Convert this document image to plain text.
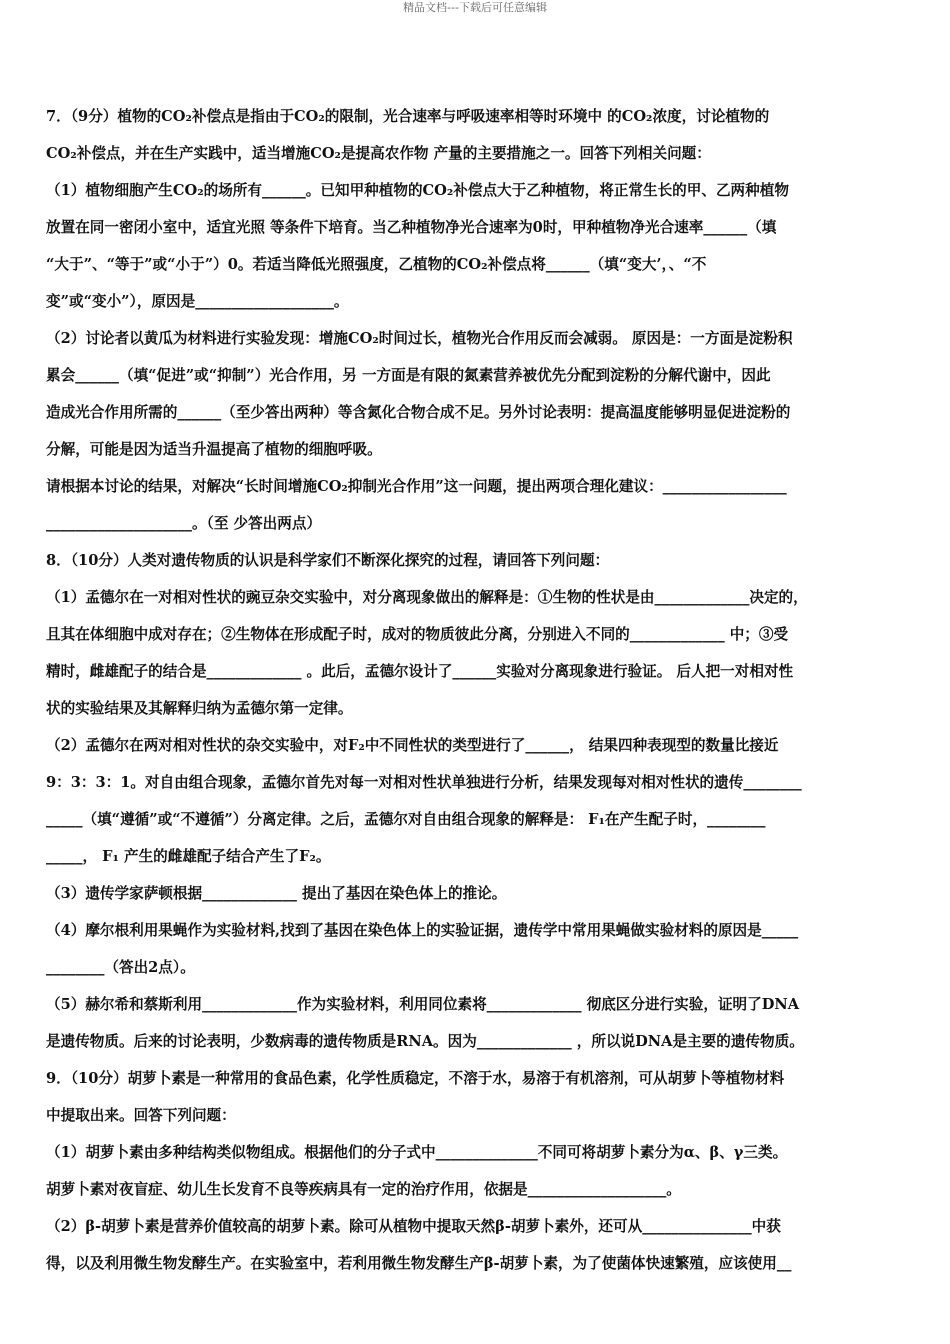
精品文档---下载后可任意编辑
7．（9分）植物的CO₂补偿点是指由于CO₂的限制，光合速率与呼吸速率相等时环境中 的CO₂浓度，讨论植物的
CO₂补偿点，并在生产实践中，适当增施CO₂是提高农作物 产量的主要措施之一。回答下列相关问题：
（1）植物细胞产生CO₂的场所有______。已知甲种植物的CO₂补偿点大于乙种植物，将正常生长的甲、乙两种植物
放置在同一密闭小室中，适宜光照 等条件下培育。当乙种植物净光合速率为0时，甲种植物净光合速率______（填
“大于”、“等于”或“小于”）0。若适当降低光照强度，乙植物的CO₂补偿点将______（填“变大’，、“不
变”或“变小”），原因是___________________。
（2）讨论者以黄瓜为材料进行实验发现：增施CO₂时间过长，植物光合作用反而会减弱。 原因是：一方面是淀粉积
累会______（填“促进”或“抑制”）光合作用，另 一方面是有限的氮素营养被优先分配到淀粉的分解代谢中，因此
造成光合作用所需的______（至少答出两种）等含氮化合物合成不足。另外讨论表明：提高温度能够明显促进淀粉的
分解，可能是因为适当升温提高了植物的细胞呼吸。
请根据本讨论的结果，对解决“长时间增施CO₂抑制光合作用”这一问题，提出两项合理化建议：_________________
____________________。（至 少答出两点）
8．（10分）人类对遗传物质的认识是科学家们不断深化探究的过程，请回答下列问题：
（1）孟德尔在一对相对性状的豌豆杂交实验中，对分离现象做出的解释是：①生物的性状是由_____________决定的，
且其在体细胞中成对存在；②生物体在形成配子时，成对的物质彼此分离，分别进入不同的_____________ 中；③受
精时，雌雄配子的结合是_____________ 。此后，孟德尔设计了______实验对分离现象进行验证。 后人把一对相对性
状的实验结果及其解释归纳为孟德尔第一定律。
（2）孟德尔在两对相对性状的杂交实验中，对F₂中不同性状的类型进行了______， 结果四种表现型的数量比接近
9：3：3：1。对自由组合现象，孟德尔首先对每一对相对性状单独进行分析，结果发现每对相对性状的遗传________
_____（填“遵循”或“不遵循”）分离定律。之后，孟德尔对自由组合现象的解释是： F₁在产生配子时，________
_____， F₁ 产生的雌雄配子结合产生了F₂。
（3）遗传学家萨顿根据_____________ 提出了基因在染色体上的推论。
（4）摩尔根利用果蝇作为实验材料,找到了基因在染色体上的实验证据，遗传学中常用果蝇做实验材料的原因是_____
________（答出2点）。
（5）赫尔希和蔡斯利用_____________作为实验材料，利用同位素将_____________ 彻底区分进行实验，证明了DNA
是遗传物质。后来的讨论表明，少数病毒的遗传物质是RNA。因为_____________ ，所以说DNA是主要的遗传物质。
9．（10分）胡萝卜素是一种常用的食品色素，化学性质稳定，不溶于水，易溶于有机溶剂，可从胡萝卜等植物材料
中提取出来。回答下列问题：
（1）胡萝卜素由多种结构类似物组成。根据他们的分子式中______________不同可将胡萝卜素分为α、β、γ三类。
胡萝卜素对夜盲症、幼儿生长发育不良等疾病具有一定的治疗作用，依据是___________________。
（2）β-胡萝卜素是营养价值较高的胡萝卜素。除可从植物中提取天然β-胡萝卜素外，还可从_______________中获
得，以及利用微生物发酵生产。在实验室中，若利用微生物发酵生产β-胡萝卜素，为了使菌体快速繁殖，应该使用__
